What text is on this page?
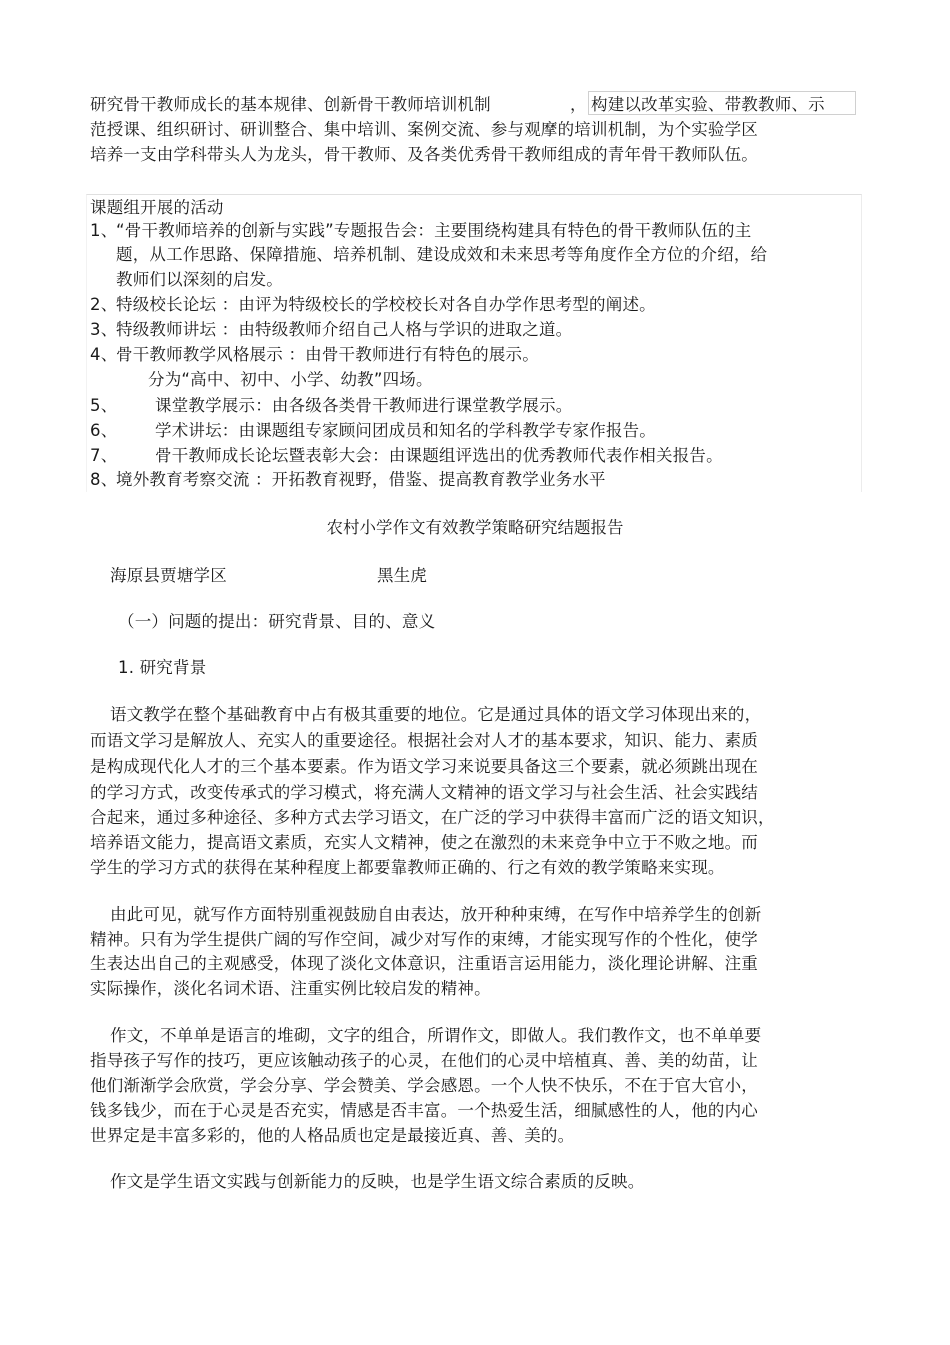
研究骨干教师成长的基本规律、创新骨干教师培训机制	， 构建以改革实验、带教教师、示
范授课、组织研讨、研训整合、集中培训、案例交流、参与观摩的培训机制，为个实验学区
培养一支由学科带头人为龙头，骨干教师、及各类优秀骨干教师组成的青年骨干教师队伍。
课题组开展的活动
1、
“骨干教师培养的创新与实践”专题报告会：主要围绕构建具有特色的骨干教师队伍的主
题，从工作思路、保障措施、培养机制、建设成效和未来思考等角度作全方位的介绍，给
教师们以深刻的启发。
2、
特级校长论坛 ：由评为特级校长的学校校长对各自办学作思考型的阐述。
3、
特级教师讲坛 ：由特级教师介绍自己人格与学识的进取之道。
4、
骨干教师教学风格展示 ：由骨干教师进行有特色的展示。
分为“高中、初中、小学、幼教”四场。
5、 课堂教学展示：由各级各类骨干教师进行课堂教学展示。
6、 学术讲坛：由课题组专家顾问团成员和知名的学科教学专家作报告。
7、 骨干教师成长论坛暨表彰大会：由课题组评选出的优秀教师代表作相关报告。
8、
境外教育考察交流 ：开拓教育视野，借鉴、提高教育教学业务水平
农村小学作文有效教学策略研究结题报告
海原县贾塘学区	黑生虎
（一）问题的提出：研究背景、目的、意义
1. 研究背景
语文教学在整个基础教育中占有极其重要的地位。它是通过具体的语文学习体现出来的，
而语文学习是解放人、充实人的重要途径。根据社会对人才的基本要求，知识、能力、素质
是构成现代化人才的三个基本要素。作为语文学习来说要具备这三个要素，就必须跳出现在
的学习方式，改变传承式的学习模式，将充满人文精神的语文学习与社会生活、社会实践结
合起来，通过多种途径、多种方式去学习语文，在广泛的学习中获得丰富而广泛的语文知识，
培养语文能力，提高语文素质，充实人文精神，使之在激烈的未来竞争中立于不败之地。而
学生的学习方式的获得在某种程度上都要靠教师正确的、行之有效的教学策略来实现。
由此可见，就写作方面特别重视鼓励自由表达，放开种种束缚，在写作中培养学生的创新
精神。只有为学生提供广阔的写作空间，减少对写作的束缚，才能实现写作的个性化，使学
生表达出自己的主观感受，体现了淡化文体意识，注重语言运用能力，淡化理论讲解、注重
实际操作，淡化名词术语、注重实例比较启发的精神。
作文，不单单是语言的堆砌，文字的组合，所谓作文，即做人。我们教作文，也不单单要
指导孩子写作的技巧，更应该触动孩子的心灵，在他们的心灵中培植真、善、美的幼苗，让
他们渐渐学会欣赏，学会分享、学会赞美、学会感恩。一个人快不快乐，不在于官大官小，
钱多钱少，而在于心灵是否充实，情感是否丰富。一个热爱生活，细腻感性的人，他的内心
世界定是丰富多彩的，他的人格品质也定是最接近真、善、美的。
作文是学生语文实践与创新能力的反映，也是学生语文综合素质的反映。
